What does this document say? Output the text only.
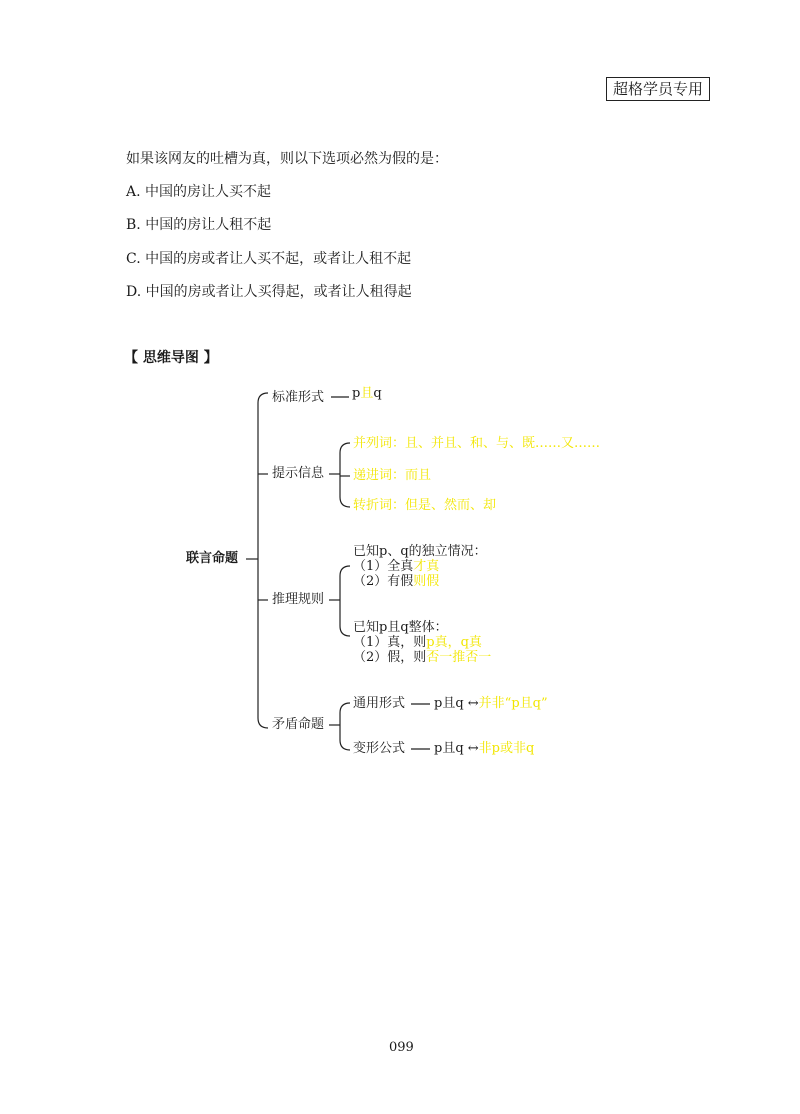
超格学员专用
如果该网友的吐槽为真，则以下选项必然为假的是：
A. 中国的房让人买不起
B. 中国的房让人租不起
C. 中国的房或者让人买不起，或者让人租不起
D. 中国的房或者让人买得起，或者让人租得起
【 思维导图 】
联言命题
标准形式 p且q
提示信息
并列词：且、并且、和、与、既……又……
递进词：而且
转折词：但是、然而、却
推理规则
已知p、q的独立情况：
（1）全真才真
（2）有假则假
已知p且q整体：
（1）真，则p真，q真
（2）假，则否一推否一
矛盾命题
通用形式 p且q ↔并非“p且q”
变形公式 p且q ↔非p或非q
099
